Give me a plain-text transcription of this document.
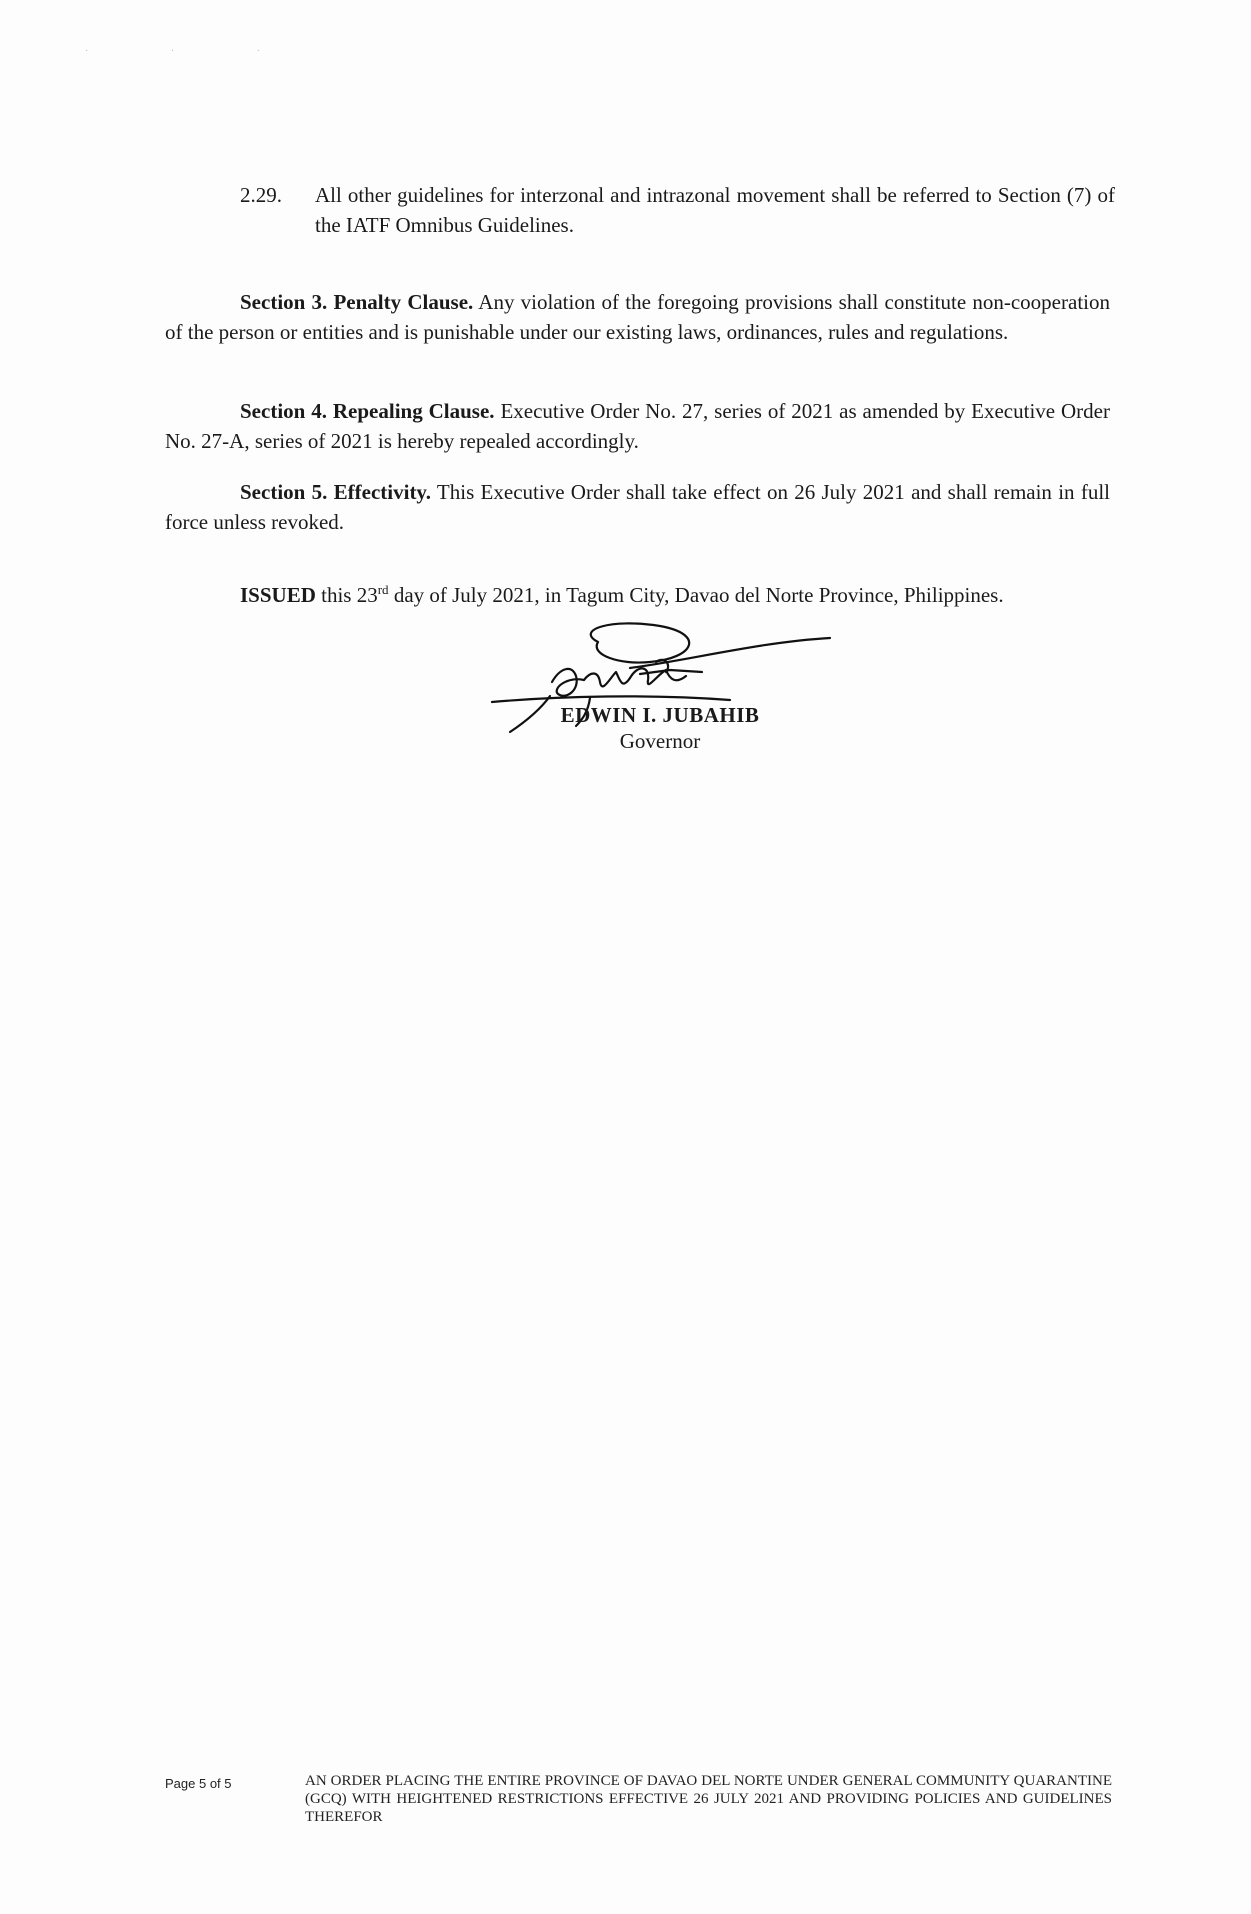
· · ·
2.29. All other guidelines for interzonal and intrazonal movement shall be referred to Section (7) of the IATF Omnibus Guidelines.
Section 3. Penalty Clause. Any violation of the foregoing provisions shall constitute non-cooperation of the person or entities and is punishable under our existing laws, ordinances, rules and regulations.
Section 4. Repealing Clause. Executive Order No. 27, series of 2021 as amended by Executive Order No. 27-A, series of 2021 is hereby repealed accordingly.
Section 5. Effectivity. This Executive Order shall take effect on 26 July 2021 and shall remain in full force unless revoked.
ISSUED this 23rd day of July 2021, in Tagum City, Davao del Norte Province, Philippines.
EDWIN I. JUBAHIB
Governor
Page 5 of 5	AN ORDER PLACING THE ENTIRE PROVINCE OF DAVAO DEL NORTE UNDER GENERAL COMMUNITY QUARANTINE (GCQ) WITH HEIGHTENED RESTRICTIONS EFFECTIVE 26 JULY 2021 AND PROVIDING POLICIES AND GUIDELINES THEREFOR
